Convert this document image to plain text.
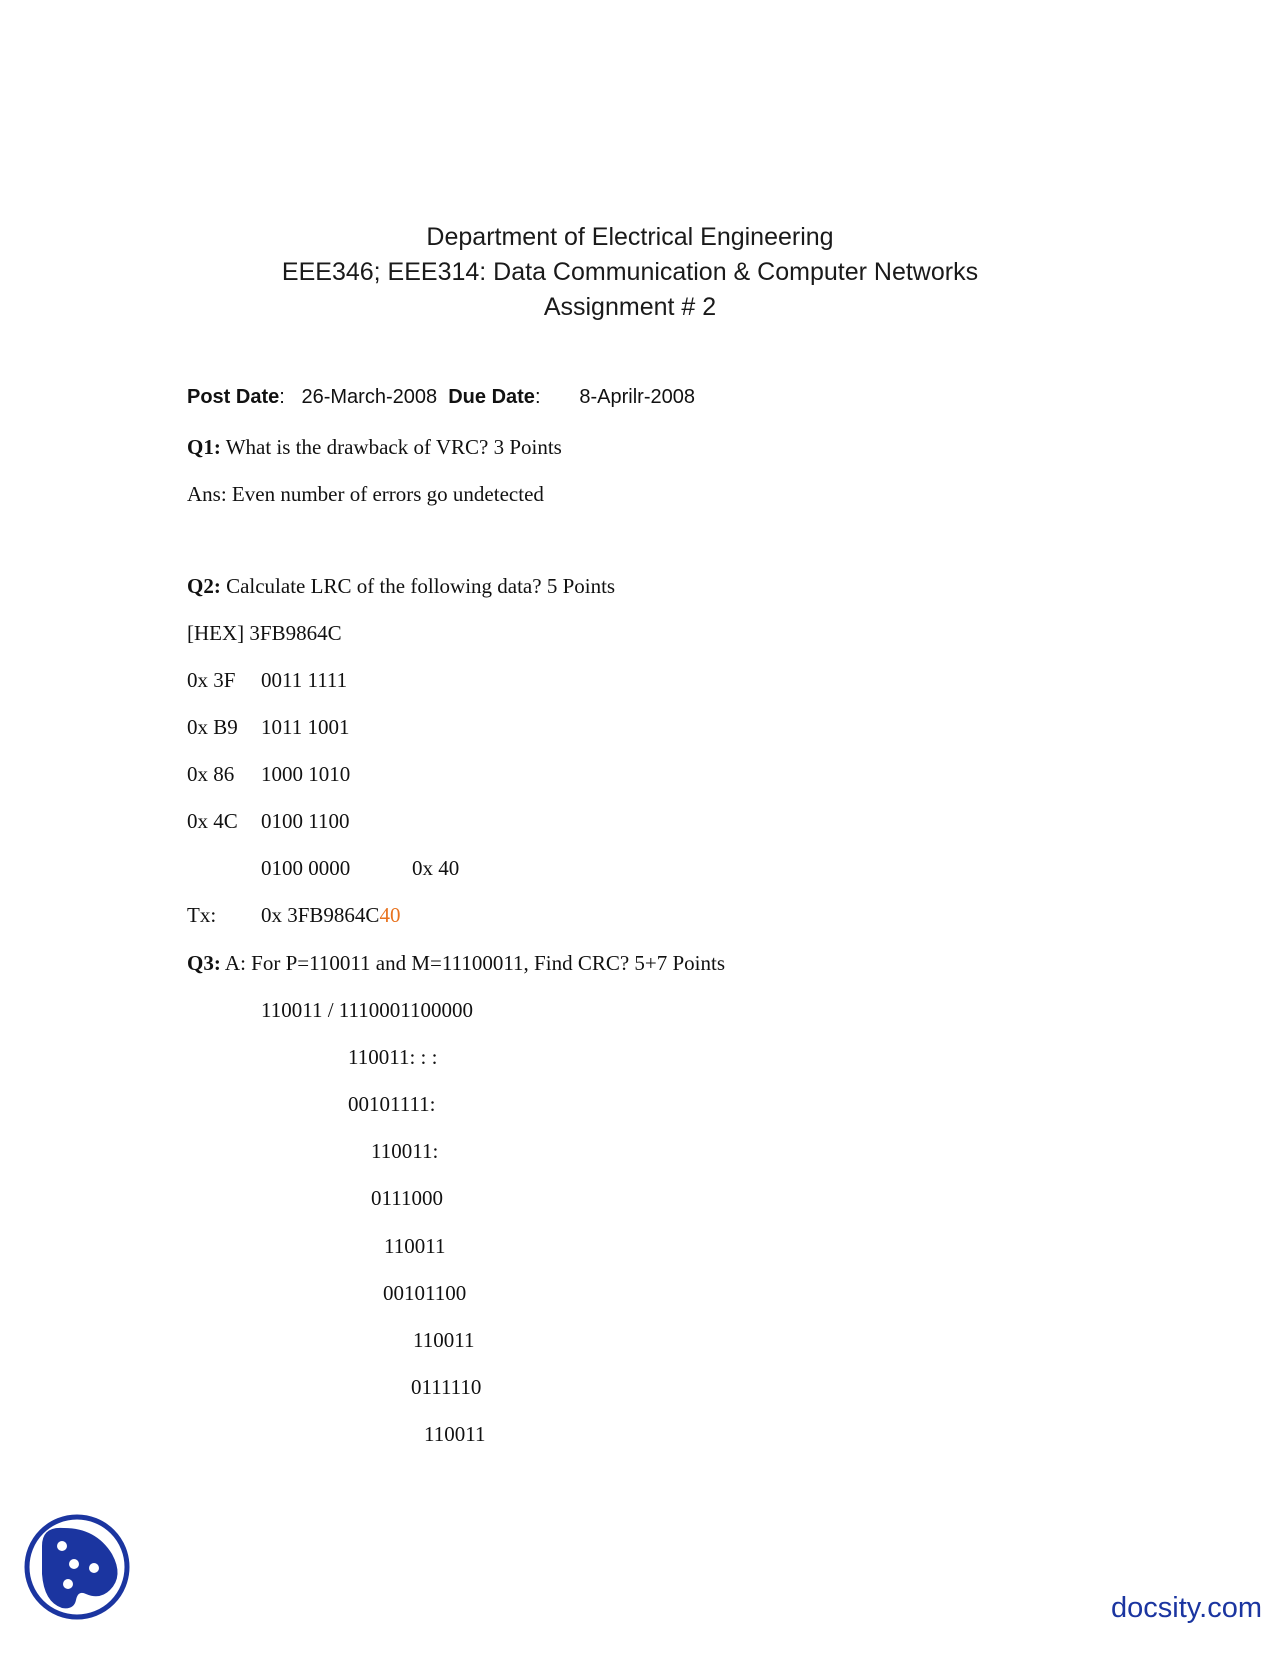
Department of Electrical Engineering
EEE346; EEE314: Data Communication & Computer Networks
Assignment # 2
Post Date:   26-March-2008 Due Date:       8-Aprilr-2008
Q1: What is the drawback of VRC? 3 Points
Ans: Even number of errors go undetected
Q2: Calculate LRC of the following data? 5 Points
[HEX] 3FB9864C
0x 3F 0011 1111
0x B9 1011 1001
0x 86 1000 1010
0x 4C 0100 1100
0100 0000	0x 40
Tx: 0x 3FB9864C40
Q3: A: For P=110011 and M=11100011, Find CRC? 5+7 Points
110011 / 1110001100000
110011: : :
00101111:
110011:
0111000
110011
00101100
110011
0111110
110011
docsity.com
